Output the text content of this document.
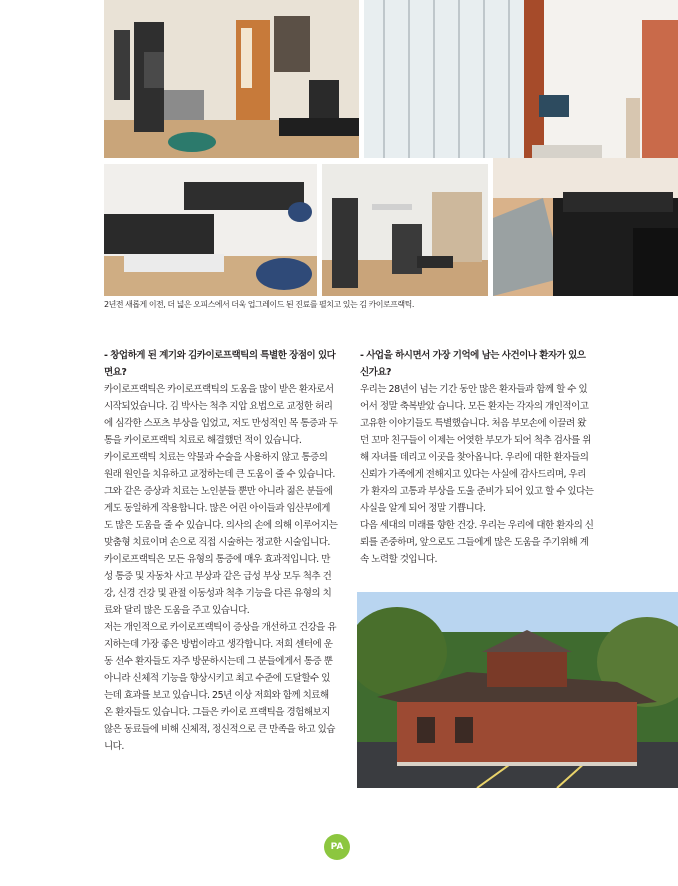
2년전 새롭게 이전, 더 넓은 오피스에서 더욱 업그레이드 된 진료를 펼치고 있는 김 카이로프랙틱.

- 창업하게 된 계기와 김카이로프랙틱의 특별한 장점이 있다면요?
카이로프랙틱은 카이로프랙틱의 도움을 많이 받은 환자로서 시작되었습니다. 김 박사는 척추 지압 요법으로 교정한 허리에 심각한 스포츠 부상을 입었고, 저도 만성적인 목 통증과 두통을 카이로프랙틱 치료로 해결했던 적이 있습니다.
카이로프랙틱 치료는 약물과 수술을 사용하지 않고 통증의 원래 원인을 치유하고 교정하는데 큰 도움이 줄 수 있습니다. 그와 같은 증상과 치료는 노인분들 뿐만 아니라 젊은 분들에게도 동일하게 작용합니다. 많은 어린 아이들과 임산부에게도 많은 도움을 줄 수 있습니다. 의사의 손에 의해 이루어지는 맞춤형 치료이며 손으로 직접 시술하는 정교한 시술입니다.
카이로프랙틱은 모든 유형의 통증에 매우 효과적입니다. 만성 통증 및 자동차 사고 부상과 같은 급성 부상 모두 척추 건강, 신경 건강 및 관절 이동성과 척추 기능을 다른 유형의 치료와 달리 많은 도움을 주고 있습니다.
저는 개인적으로 카이로프랙틱이 증상을 개선하고 건강을 유지하는데 가장 좋은 방법이라고 생각합니다. 저희 센터에 운동 선수 환자들도 자주 방문하시는데 그 분들에게서 통증 뿐 아니라 신체적 기능을 향상시키고 최고 수준에 도달할수 있는데 효과를 보고 있습니다. 25년 이상 저희와 함께 치료해 온 환자들도 있습니다. 그들은 카이로 프랙틱을 경험해보지 않은 동료들에 비해 신체적, 정신적으로 큰 만족을 하고 있습니다.
- 사업을 하시면서 가장 기억에 남는 사건이나 환자가 있으신가요?
우리는 28년이 넘는 기간 동안 많은 환자들과 함께 할 수 있어서 정말 축복받았 습니다. 모든 환자는 각자의 개인적이고 고유한 이야기들도 특별했습니다. 처음 부모손에 이끌려 왔던 꼬마 친구들이 이제는 어엿한 부모가 되어 척추 검사를 위해 자녀를 데리고 이곳을 찾아옵니다. 우리에 대한 환자들의 신뢰가 가족에게 전해지고 있다는 사실에 감사드리며, 우리가 환자의 고통과 부상을 도울 준비가 되어 있고 할 수 있다는 사실을 알게 되어 정말 기쁩니다.
다음 세대의 미래를 향한 건강. 우리는 우리에 대한 환자의 신뢰를 존중하며, 앞으로도 그들에게 많은 도움을 주기위해 계속 노력할 것입니다.
PA
